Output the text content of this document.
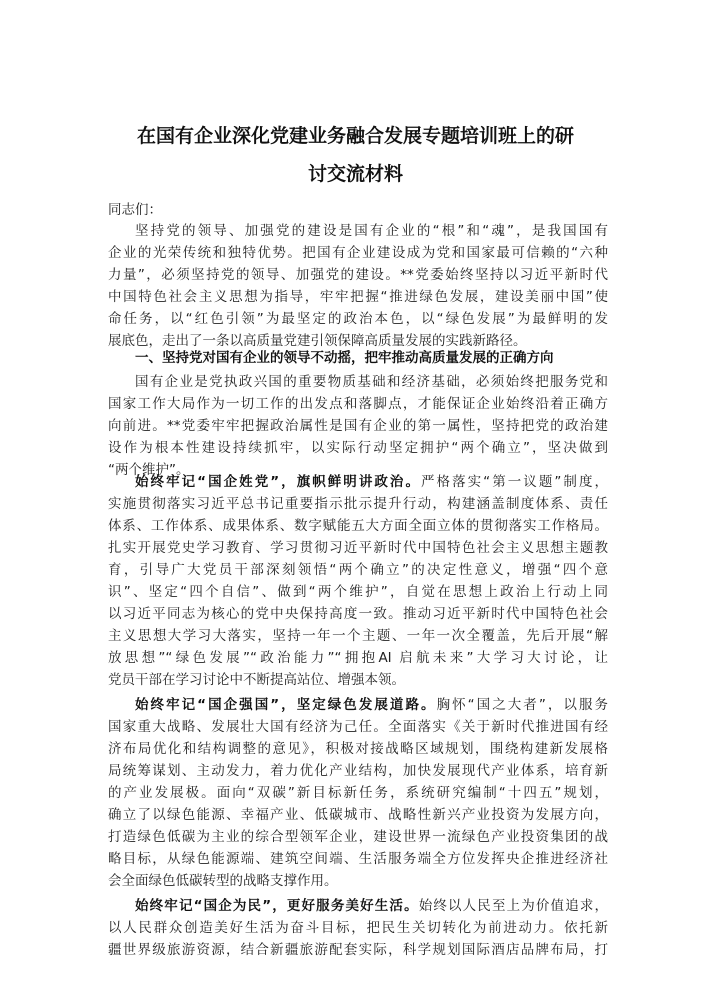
在国有企业深化党建业务融合发展专题培训班上的研
讨交流材料

同志们：

坚持党的领导、加强党的建设是国有企业的“根”和“魂”，是我国国有
企业的光荣传统和独特优势。把国有企业建设成为党和国家最可信赖的“六种
力量”，必须坚持党的领导、加强党的建设。**党委始终坚持以习近平新时代
中国特色社会主义思想为指导，牢牢把握“推进绿色发展，建设美丽中国”使
命任务，以“红色引领”为最坚定的政治本色，以“绿色发展”为最鲜明的发
展底色，走出了一条以高质量党建引领保障高质量发展的实践新路径。

一、坚持党对国有企业的领导不动摇，把牢推动高质量发展的正确方向

国有企业是党执政兴国的重要物质基础和经济基础，必须始终把服务党和
国家工作大局作为一切工作的出发点和落脚点，才能保证企业始终沿着正确方
向前进。**党委牢牢把握政治属性是国有企业的第一属性，坚持把党的政治建
设作为根本性建设持续抓牢，以实际行动坚定拥护“两个确立”，坚决做到
“两个维护”。
始终牢记“国企姓党”，旗帜鲜明讲政治。严格落实“第一议题”制度，
实施贯彻落实习近平总书记重要指示批示提升行动，构建涵盖制度体系、责任
体系、工作体系、成果体系、数字赋能五大方面全面立体的贯彻落实工作格局。
扎实开展党史学习教育、学习贯彻习近平新时代中国特色社会主义思想主题教
育，引导广大党员干部深刻领悟“两个确立”的决定性意义，增强“四个意
识”、坚定“四个自信”、做到“两个维护”，自觉在思想上政治上行动上同
以习近平同志为核心的党中央保持高度一致。推动习近平新时代中国特色社会
主义思想大学习大落实，坚持一年一个主题、一年一次全覆盖，先后开展“解
放思想”“绿色发展”“政治能力”“拥抱AI 启航未来”大学习大讨论，让
党员干部在学习讨论中不断提高站位、增强本领。
始终牢记“国企强国”，坚定绿色发展道路。胸怀“国之大者”，以服务
国家重大战略、发展壮大国有经济为己任。全面落实《关于新时代推进国有经
济布局优化和结构调整的意见》，积极对接战略区域规划，围绕构建新发展格
局统筹谋划、主动发力，着力优化产业结构，加快发展现代产业体系，培育新
的产业发展极。面向“双碳”新目标新任务，系统研究编制“十四五”规划，
确立了以绿色能源、幸福产业、低碳城市、战略性新兴产业投资为发展方向，
打造绿色低碳为主业的综合型领军企业，建设世界一流绿色产业投资集团的战
略目标，从绿色能源端、建筑空间端、生活服务端全方位发挥央企推进经济社
会全面绿色低碳转型的战略支撑作用。
始终牢记“国企为民”，更好服务美好生活。始终以人民至上为价值追求，
以人民群众创造美好生活为奋斗目标，把民生关切转化为前进动力。依托新
疆世界级旅游资源，结合新疆旅游配套实际，科学规划国际酒店品牌布局，打
